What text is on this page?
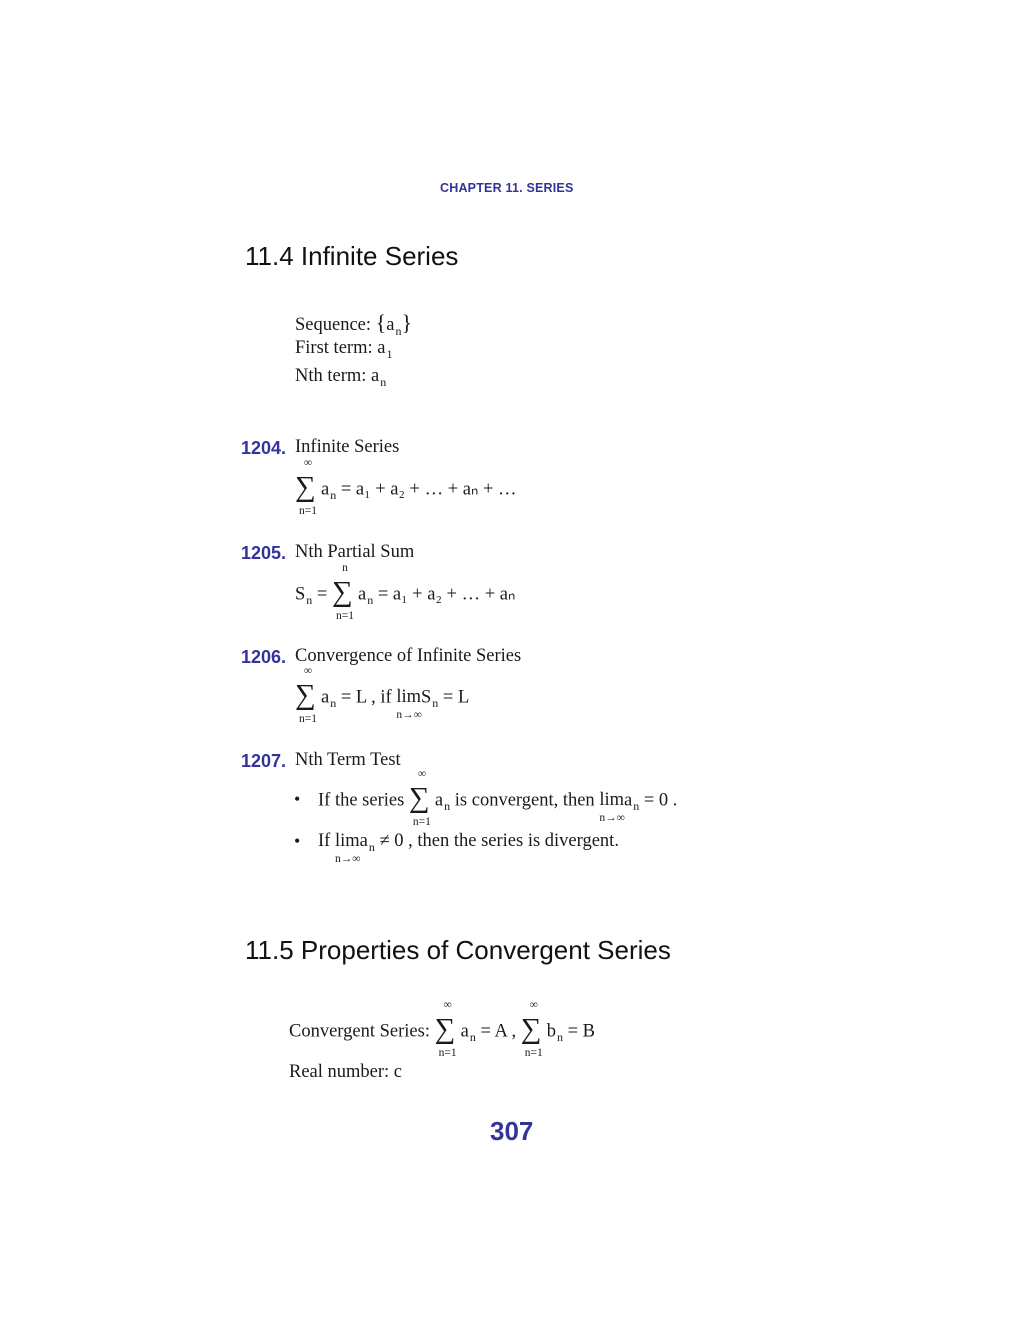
CHAPTER 11. SERIES
11.4 Infinite Series
Sequence: $\{a_n\}$
First term: $a_1$
Nth term: $a_n$
1204. Infinite Series
∞
∑
n=1
$a_n = a_1 + a_2$ + … + aₙ + …
1205. Nth Partial Sum
$S_n$ =
n
∑
n=1
$a_n = a_1 + a_2$ + … + aₙ
1206. Convergence of Infinite Series
∞
∑
n=1
$a_n = L$ , if lim
n→∞
$S_n = L$
1207. Nth Term Test
• If the series
∞
∑
n=1
$a_n$ is convergent, then lim
n→∞
$a_n = 0$ .
• If lim
n→∞
$a_n \ne 0$ , then the series is divergent.
11.5 Properties of Convergent Series
Convergent Series:
∞
∑
n=1
$a_n = A$ ,
∞
∑
n=1
$b_n = B$
Real number: c
307
